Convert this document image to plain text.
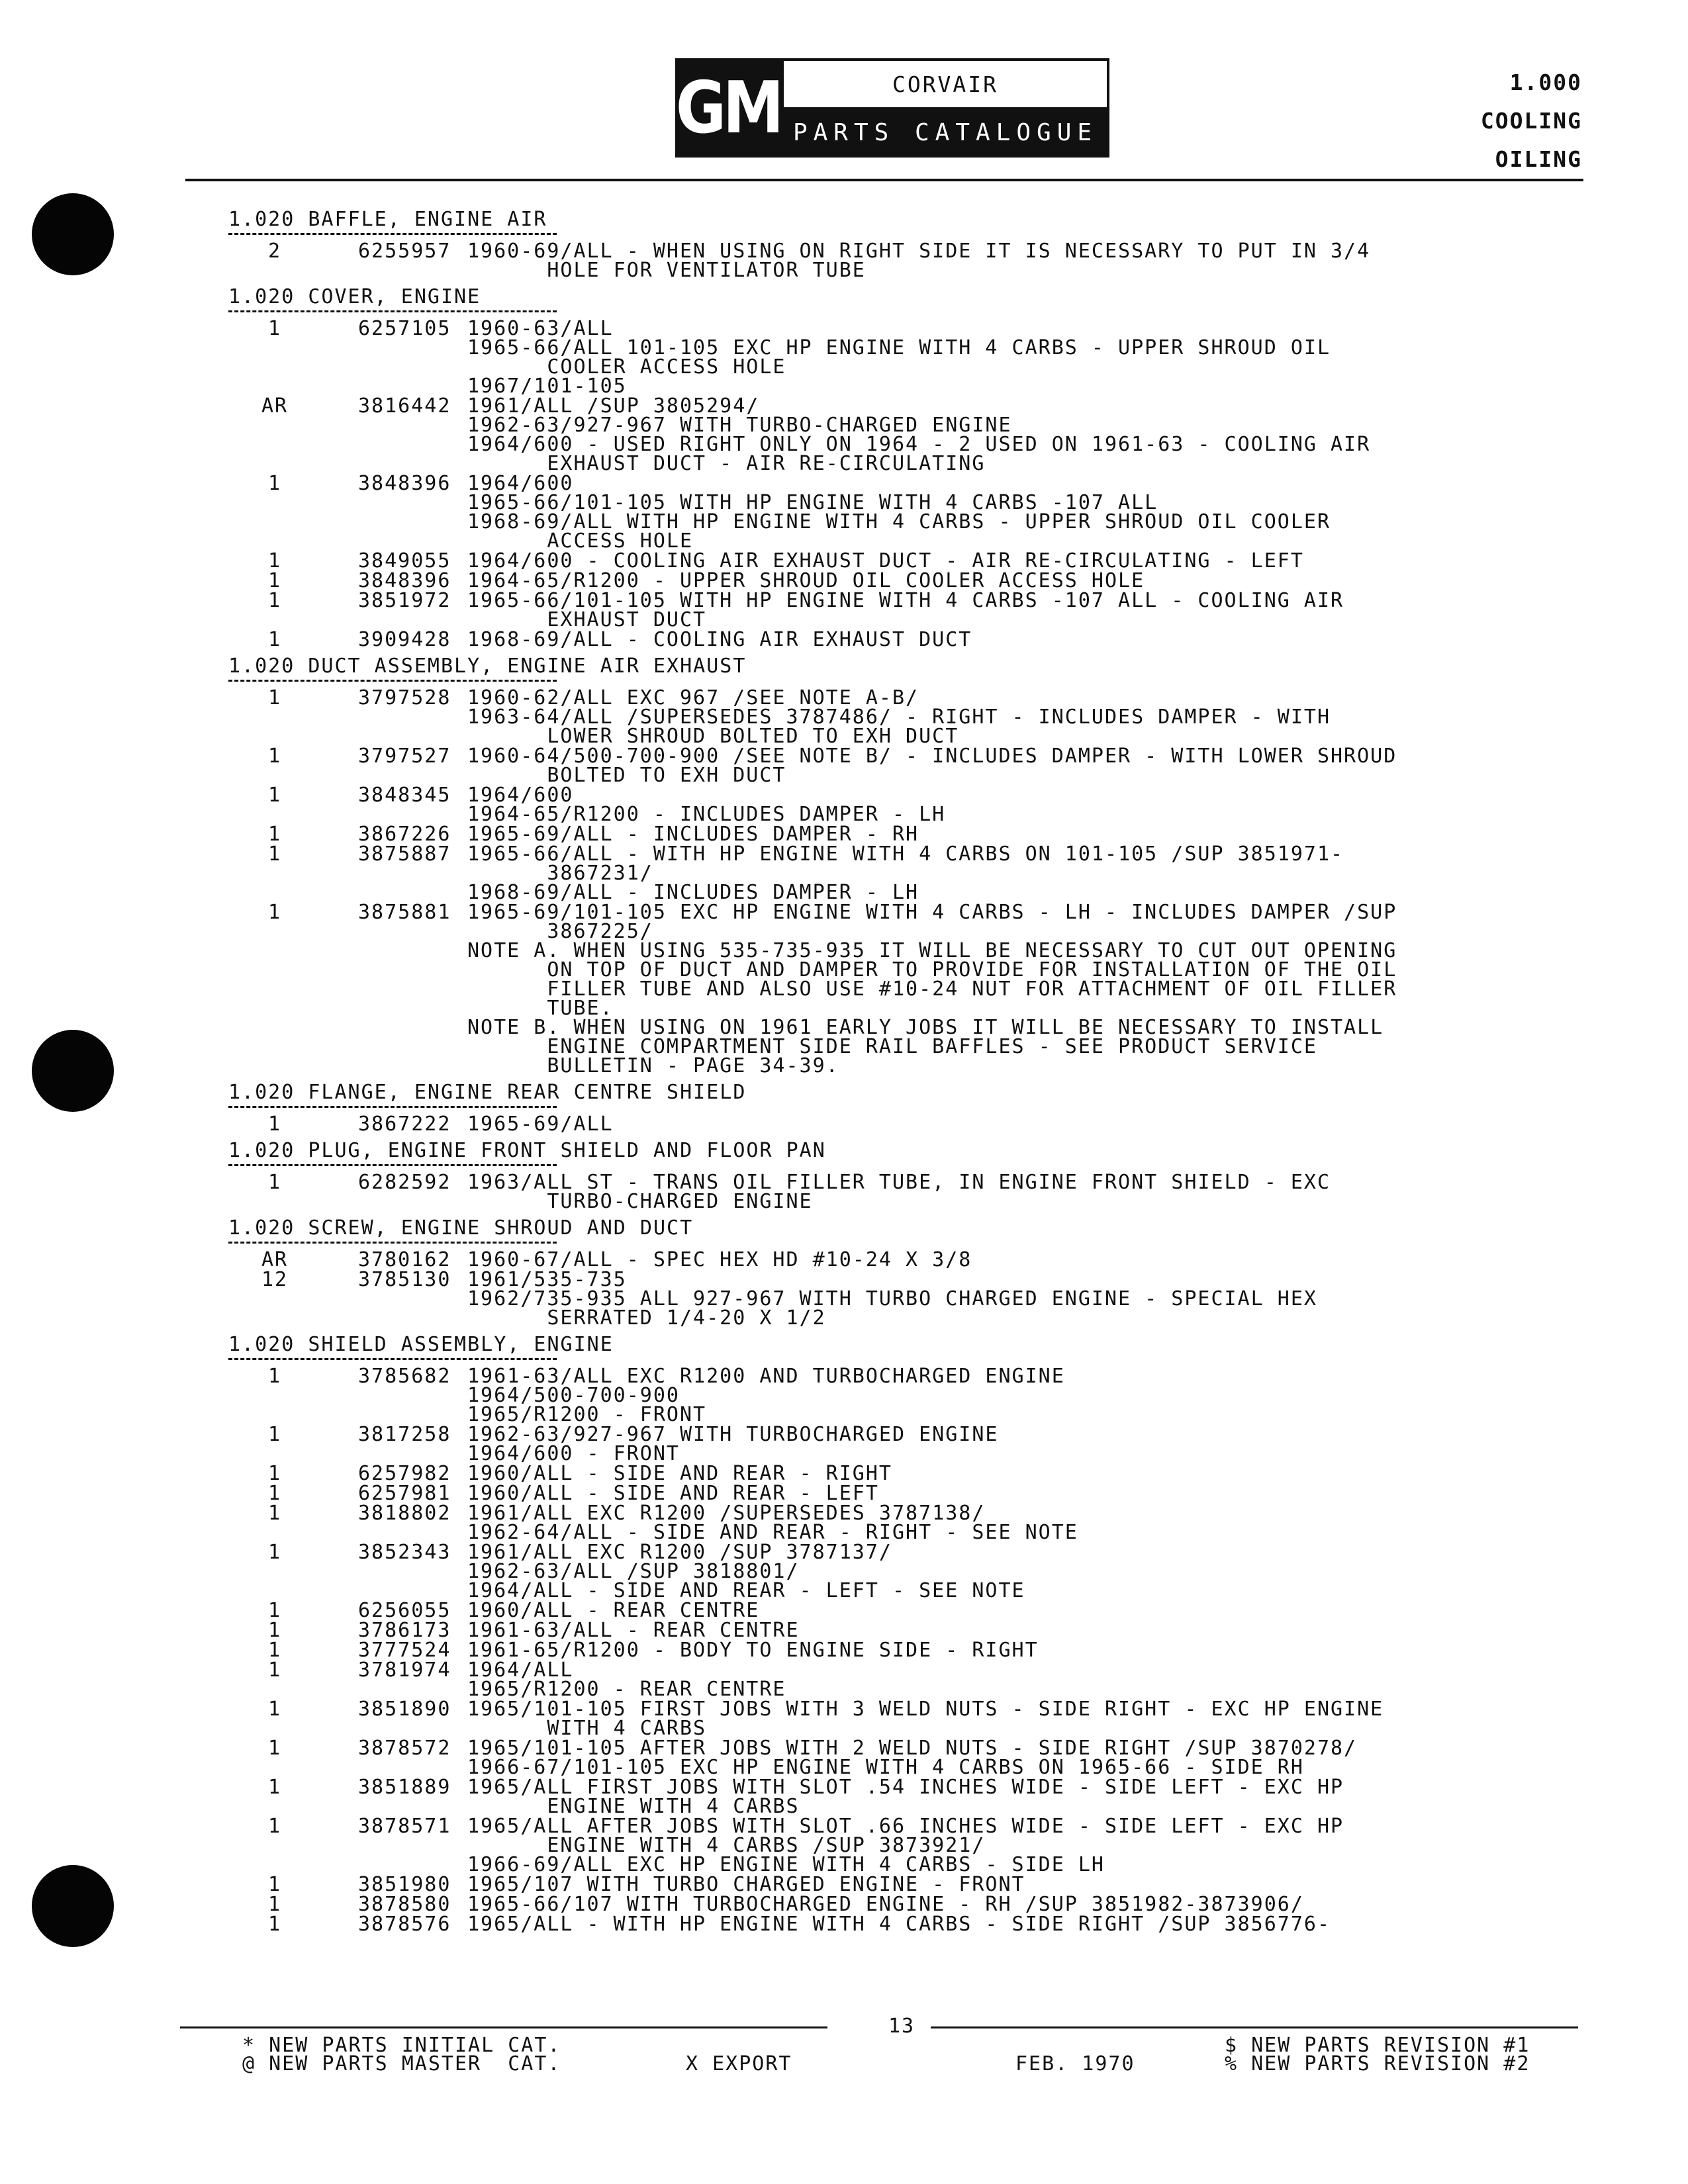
GM	CORVAIR
PARTS CATALOGUE
1.000
COOLING
OILING
1.020 BAFFLE, ENGINE AIR
2	6255957 1960-69/ALL - WHEN USING ON RIGHT SIDE IT IS NECESSARY TO PUT IN 3/4
HOLE FOR VENTILATOR TUBE
1.020 COVER, ENGINE
1	6257105 1960-63/ALL
1965-66/ALL 101-105 EXC HP ENGINE WITH 4 CARBS - UPPER SHROUD OIL
COOLER ACCESS HOLE
1967/101-105
AR	3816442 1961/ALL /SUP 3805294/
1962-63/927-967 WITH TURBO-CHARGED ENGINE
1964/600 - USED RIGHT ONLY ON 1964 - 2 USED ON 1961-63 - COOLING AIR
EXHAUST DUCT - AIR RE-CIRCULATING
1	3848396 1964/600
1965-66/101-105 WITH HP ENGINE WITH 4 CARBS -107 ALL
1968-69/ALL WITH HP ENGINE WITH 4 CARBS - UPPER SHROUD OIL COOLER
ACCESS HOLE
1	3849055 1964/600 - COOLING AIR EXHAUST DUCT - AIR RE-CIRCULATING - LEFT
1	3848396 1964-65/R1200 - UPPER SHROUD OIL COOLER ACCESS HOLE
1	3851972 1965-66/101-105 WITH HP ENGINE WITH 4 CARBS -107 ALL - COOLING AIR
EXHAUST DUCT
1	3909428 1968-69/ALL - COOLING AIR EXHAUST DUCT
1.020 DUCT ASSEMBLY, ENGINE AIR EXHAUST
1	3797528 1960-62/ALL EXC 967 /SEE NOTE A-B/
1963-64/ALL /SUPERSEDES 3787486/ - RIGHT - INCLUDES DAMPER - WITH
LOWER SHROUD BOLTED TO EXH DUCT
1	3797527 1960-64/500-700-900 /SEE NOTE B/ - INCLUDES DAMPER - WITH LOWER SHROUD
BOLTED TO EXH DUCT
1	3848345 1964/600
1964-65/R1200 - INCLUDES DAMPER - LH
1	3867226 1965-69/ALL - INCLUDES DAMPER - RH
1	3875887 1965-66/ALL - WITH HP ENGINE WITH 4 CARBS ON 101-105 /SUP 3851971-
3867231/
1968-69/ALL - INCLUDES DAMPER - LH
1	3875881 1965-69/101-105 EXC HP ENGINE WITH 4 CARBS - LH - INCLUDES DAMPER /SUP
3867225/
NOTE A. WHEN USING 535-735-935 IT WILL BE NECESSARY TO CUT OUT OPENING
ON TOP OF DUCT AND DAMPER TO PROVIDE FOR INSTALLATION OF THE OIL
FILLER TUBE AND ALSO USE #10-24 NUT FOR ATTACHMENT OF OIL FILLER
TUBE.
NOTE B. WHEN USING ON 1961 EARLY JOBS IT WILL BE NECESSARY TO INSTALL
ENGINE COMPARTMENT SIDE RAIL BAFFLES - SEE PRODUCT SERVICE
BULLETIN - PAGE 34-39.
1.020 FLANGE, ENGINE REAR CENTRE SHIELD
1	3867222 1965-69/ALL
1.020 PLUG, ENGINE FRONT SHIELD AND FLOOR PAN
1	6282592 1963/ALL ST - TRANS OIL FILLER TUBE, IN ENGINE FRONT SHIELD - EXC
TURBO-CHARGED ENGINE
1.020 SCREW, ENGINE SHROUD AND DUCT
AR	3780162 1960-67/ALL - SPEC HEX HD #10-24 X 3/8
12	3785130 1961/535-735
1962/735-935 ALL 927-967 WITH TURBO CHARGED ENGINE - SPECIAL HEX
SERRATED 1/4-20 X 1/2
1.020 SHIELD ASSEMBLY, ENGINE
1	3785682 1961-63/ALL EXC R1200 AND TURBOCHARGED ENGINE
1964/500-700-900
1965/R1200 - FRONT
1	3817258 1962-63/927-967 WITH TURBOCHARGED ENGINE
1964/600 - FRONT
1	6257982 1960/ALL - SIDE AND REAR - RIGHT
1	6257981 1960/ALL - SIDE AND REAR - LEFT
1	3818802 1961/ALL EXC R1200 /SUPERSEDES 3787138/
1962-64/ALL - SIDE AND REAR - RIGHT - SEE NOTE
1	3852343 1961/ALL EXC R1200 /SUP 3787137/
1962-63/ALL /SUP 3818801/
1964/ALL - SIDE AND REAR - LEFT - SEE NOTE
1	6256055 1960/ALL - REAR CENTRE
1	3786173 1961-63/ALL - REAR CENTRE
1	3777524 1961-65/R1200 - BODY TO ENGINE SIDE - RIGHT
1	3781974 1964/ALL
1965/R1200 - REAR CENTRE
1	3851890 1965/101-105 FIRST JOBS WITH 3 WELD NUTS - SIDE RIGHT - EXC HP ENGINE
WITH 4 CARBS
1	3878572 1965/101-105 AFTER JOBS WITH 2 WELD NUTS - SIDE RIGHT /SUP 3870278/
1966-67/101-105 EXC HP ENGINE WITH 4 CARBS ON 1965-66 - SIDE RH
1	3851889 1965/ALL FIRST JOBS WITH SLOT .54 INCHES WIDE - SIDE LEFT - EXC HP
ENGINE WITH 4 CARBS
1	3878571 1965/ALL AFTER JOBS WITH SLOT .66 INCHES WIDE - SIDE LEFT - EXC HP
ENGINE WITH 4 CARBS /SUP 3873921/
1966-69/ALL EXC HP ENGINE WITH 4 CARBS - SIDE LH
1	3851980 1965/107 WITH TURBO CHARGED ENGINE - FRONT
1	3878580 1965-66/107 WITH TURBOCHARGED ENGINE - RH /SUP 3851982-3873906/
1	3878576 1965/ALL - WITH HP ENGINE WITH 4 CARBS - SIDE RIGHT /SUP 3856776-
13
* NEW PARTS INITIAL CAT.
@ NEW PARTS MASTER  CAT.	X EXPORT	FEB. 1970
$ NEW PARTS REVISION #1
% NEW PARTS REVISION #2
